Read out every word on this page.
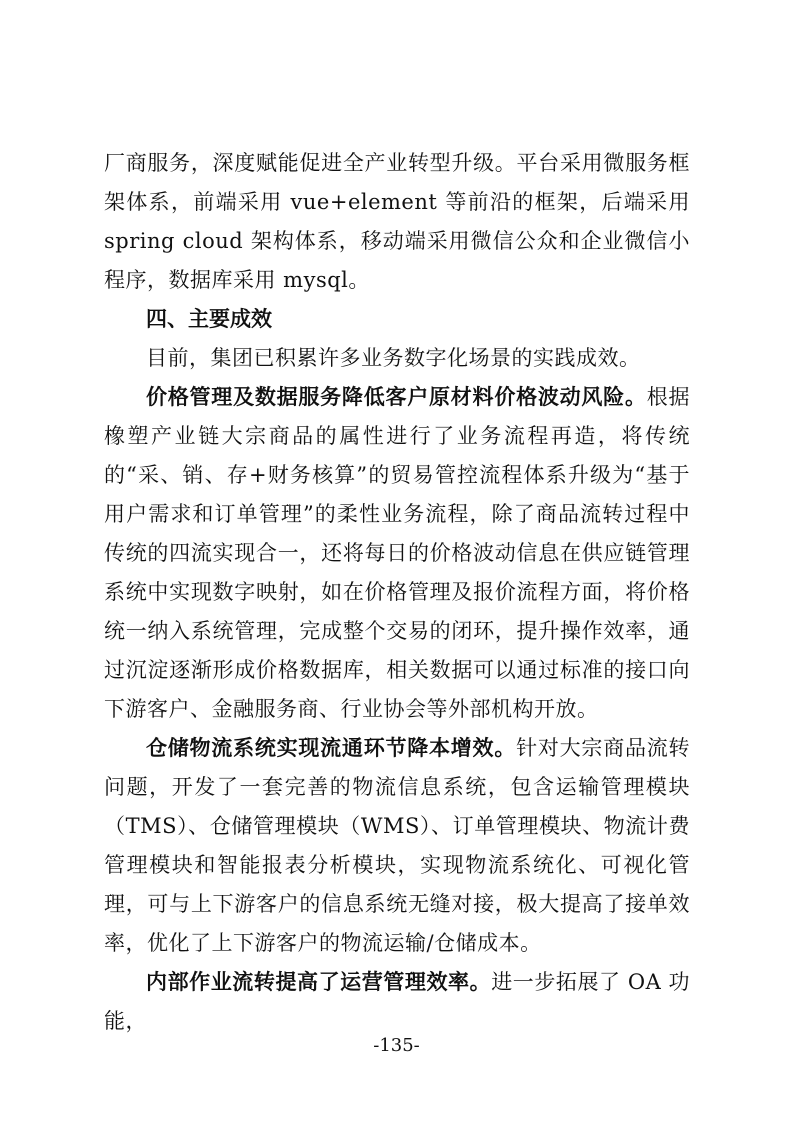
厂商服务，深度赋能促进全产业转型升级。平台采用微服务框架体系，前端采用 vue+element 等前沿的框架，后端采用 spring cloud 架构体系，移动端采用微信公众和企业微信小程序，数据库采用 mysql。

四、主要成效

目前，集团已积累许多业务数字化场景的实践成效。

价格管理及数据服务降低客户原材料价格波动风险。根据橡塑产业链大宗商品的属性进行了业务流程再造，将传统的“采、销、存+财务核算”的贸易管控流程体系升级为“基于用户需求和订单管理”的柔性业务流程，除了商品流转过程中传统的四流实现合一，还将每日的价格波动信息在供应链管理系统中实现数字映射，如在价格管理及报价流程方面，将价格统一纳入系统管理，完成整个交易的闭环，提升操作效率，通过沉淀逐渐形成价格数据库，相关数据可以通过标准的接口向下游客户、金融服务商、行业协会等外部机构开放。

仓储物流系统实现流通环节降本增效。针对大宗商品流转问题，开发了一套完善的物流信息系统，包含运输管理模块（TMS）、仓储管理模块（WMS）、订单管理模块、物流计费管理模块和智能报表分析模块，实现物流系统化、可视化管理，可与上下游客户的信息系统无缝对接，极大提高了接单效率，优化了上下游客户的物流运输/仓储成本。

内部作业流转提高了运营管理效率。进一步拓展了 OA 功能，

-135-
